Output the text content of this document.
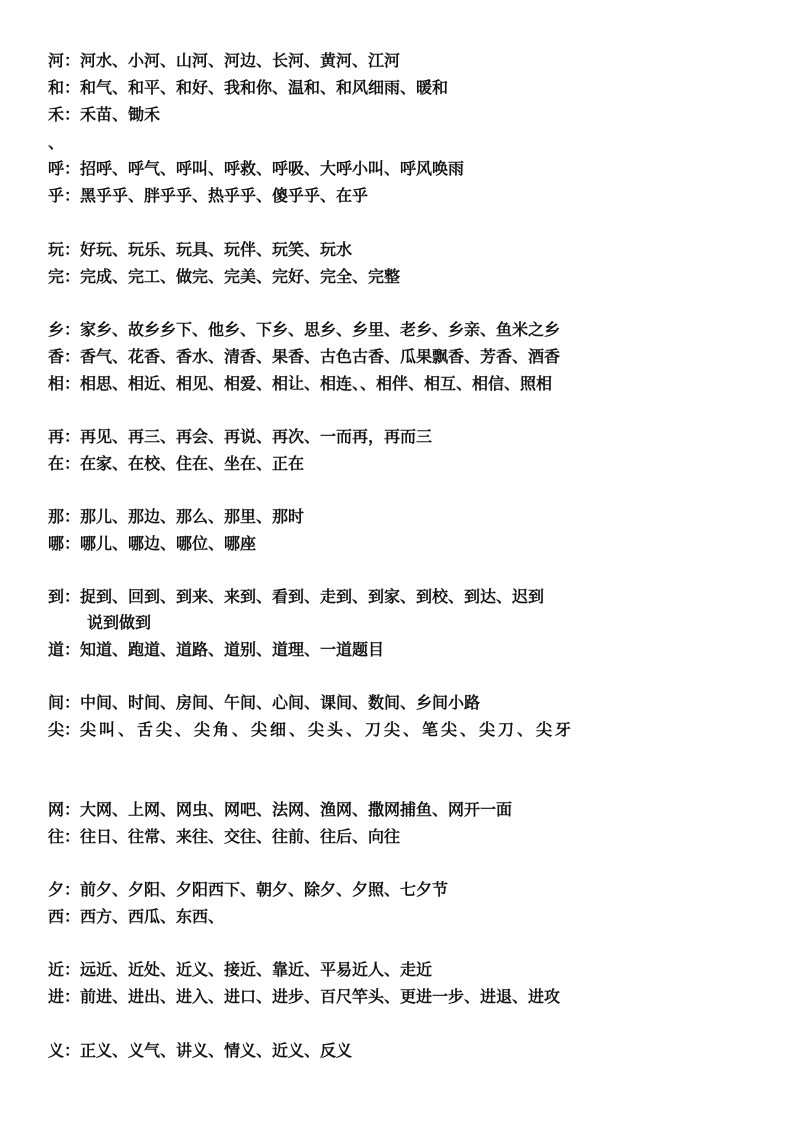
河：河水、小河、山河、河边、长河、黄河、江河
和：和气、和平、和好、我和你、温和、和风细雨、暖和
禾：禾苗、锄禾
、
呼：招呼、呼气、呼叫、呼救、呼吸、大呼小叫、呼风唤雨
乎：黑乎乎、胖乎乎、热乎乎、傻乎乎、在乎
玩：好玩、玩乐、玩具、玩伴、玩笑、玩水
完：完成、完工、做完、完美、完好、完全、完整
乡：家乡、故乡乡下、他乡、下乡、思乡、乡里、老乡、乡亲、鱼米之乡
香：香气、花香、香水、清香、果香、古色古香、瓜果飘香、芳香、酒香
相：相思、相近、相见、相爱、相让、相连、、相伴、相互、相信、照相
再：再见、再三、再会、再说、再次、一而再，再而三
在：在家、在校、住在、坐在、正在
那：那儿、那边、那么、那里、那时
哪：哪儿、哪边、哪位、哪座
到：捉到、回到、到来、来到、看到、走到、到家、到校、到达、迟到
说到做到
道：知道、跑道、道路、道别、道理、一道题目
间：中间、时间、房间、午间、心间、课间、数间、乡间小路
尖：尖叫、舌尖、尖角、尖细、尖头、刀尖、笔尖、尖刀、尖牙
网：大网、上网、网虫、网吧、法网、渔网、撒网捕鱼、网开一面
往：往日、往常、来往、交往、往前、往后、向往
夕：前夕、夕阳、夕阳西下、朝夕、除夕、夕照、七夕节
西：西方、西瓜、东西、
近：远近、近处、近义、接近、靠近、平易近人、走近
进：前进、进出、进入、进口、进步、百尺竿头、更进一步、进退、进攻
义：正义、义气、讲义、情义、近义、反义
